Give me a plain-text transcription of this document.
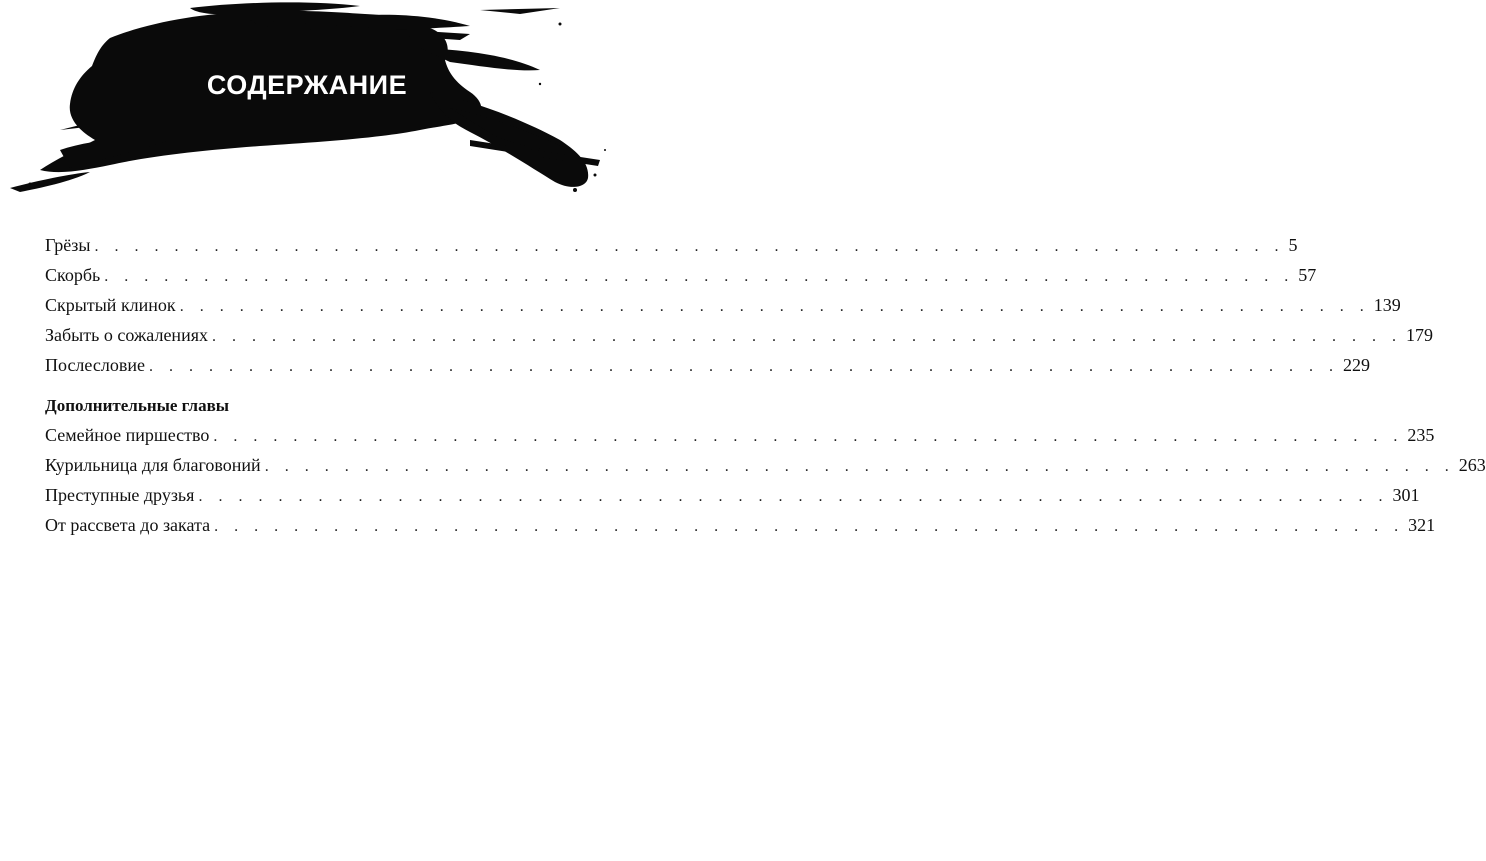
СОДЕРЖАНИЕ
Грёзы . . . . . . . . . . . . . . . . . . . . . . . . . . . . . . . . . . . . . . . . . . . . . . . . . . . . . . . . . . . . 5
Скорбь . . . . . . . . . . . . . . . . . . . . . . . . . . . . . . . . . . . . . . . . . . . . . . . . . . . . . . . . . . . . 57
Скрытый клинок . . . . . . . . . . . . . . . . . . . . . . . . . . . . . . . . . . . . . . . . . . . . . . . . . . . . . . . . . . . . 139
Забыть о сожалениях . . . . . . . . . . . . . . . . . . . . . . . . . . . . . . . . . . . . . . . . . . . . . . . . . . . . . . . . . . . . 179
Послесловие . . . . . . . . . . . . . . . . . . . . . . . . . . . . . . . . . . . . . . . . . . . . . . . . . . . . . . . . . . . . 229
Дополнительные главы
Семейное пиршество . . . . . . . . . . . . . . . . . . . . . . . . . . . . . . . . . . . . . . . . . . . . . . . . . . . . . . . . . . . . 235
Курильница для благовоний . . . . . . . . . . . . . . . . . . . . . . . . . . . . . . . . . . . . . . . . . . . . . . . . . . . . . . . . . . . . 263
Преступные друзья . . . . . . . . . . . . . . . . . . . . . . . . . . . . . . . . . . . . . . . . . . . . . . . . . . . . . . . . . . . . 301
От рассвета до заката . . . . . . . . . . . . . . . . . . . . . . . . . . . . . . . . . . . . . . . . . . . . . . . . . . . . . . . . . . . . 321
